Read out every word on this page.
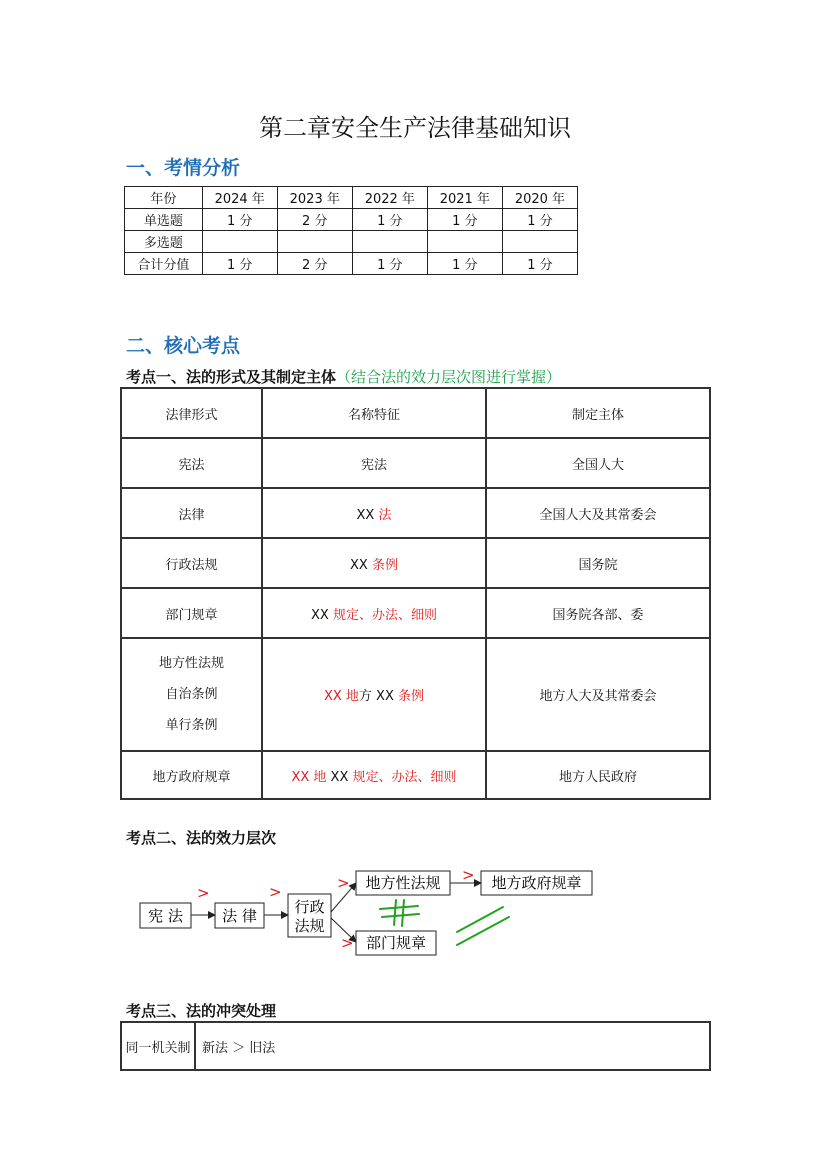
第二章安全生产法律基础知识
一、考情分析
年份	2024 年	2023 年	2022 年	2021 年	2020 年
单选题	1 分	2 分	1 分	1 分	1 分
多选题					
合计分值	1 分	2 分	1 分	1 分	1 分
二、核心考点
考点一、法的形式及其制定主体（结合法的效力层次图进行掌握）
法律形式	名称特征	制定主体
宪法	宪法	全国人大
法律	XX 法	全国人大及其常委会
行政法规	XX 条例	国务院
部门规章	XX 规定、办法、细则	国务院各部、委

地方性法规
自治条例
单行条例	XX 地方 XX 条例	地方人大及其常委会
地方政府规章	XX 地 XX 规定、办法、细则	地方人民政府
考点二、法的效力层次
宪 法	法 律	行政
法规
地方性法规	地方政府规章
部门规章
>	>	>
>
>
考点三、法的冲突处理
同一机关制	新法 ＞ 旧法
